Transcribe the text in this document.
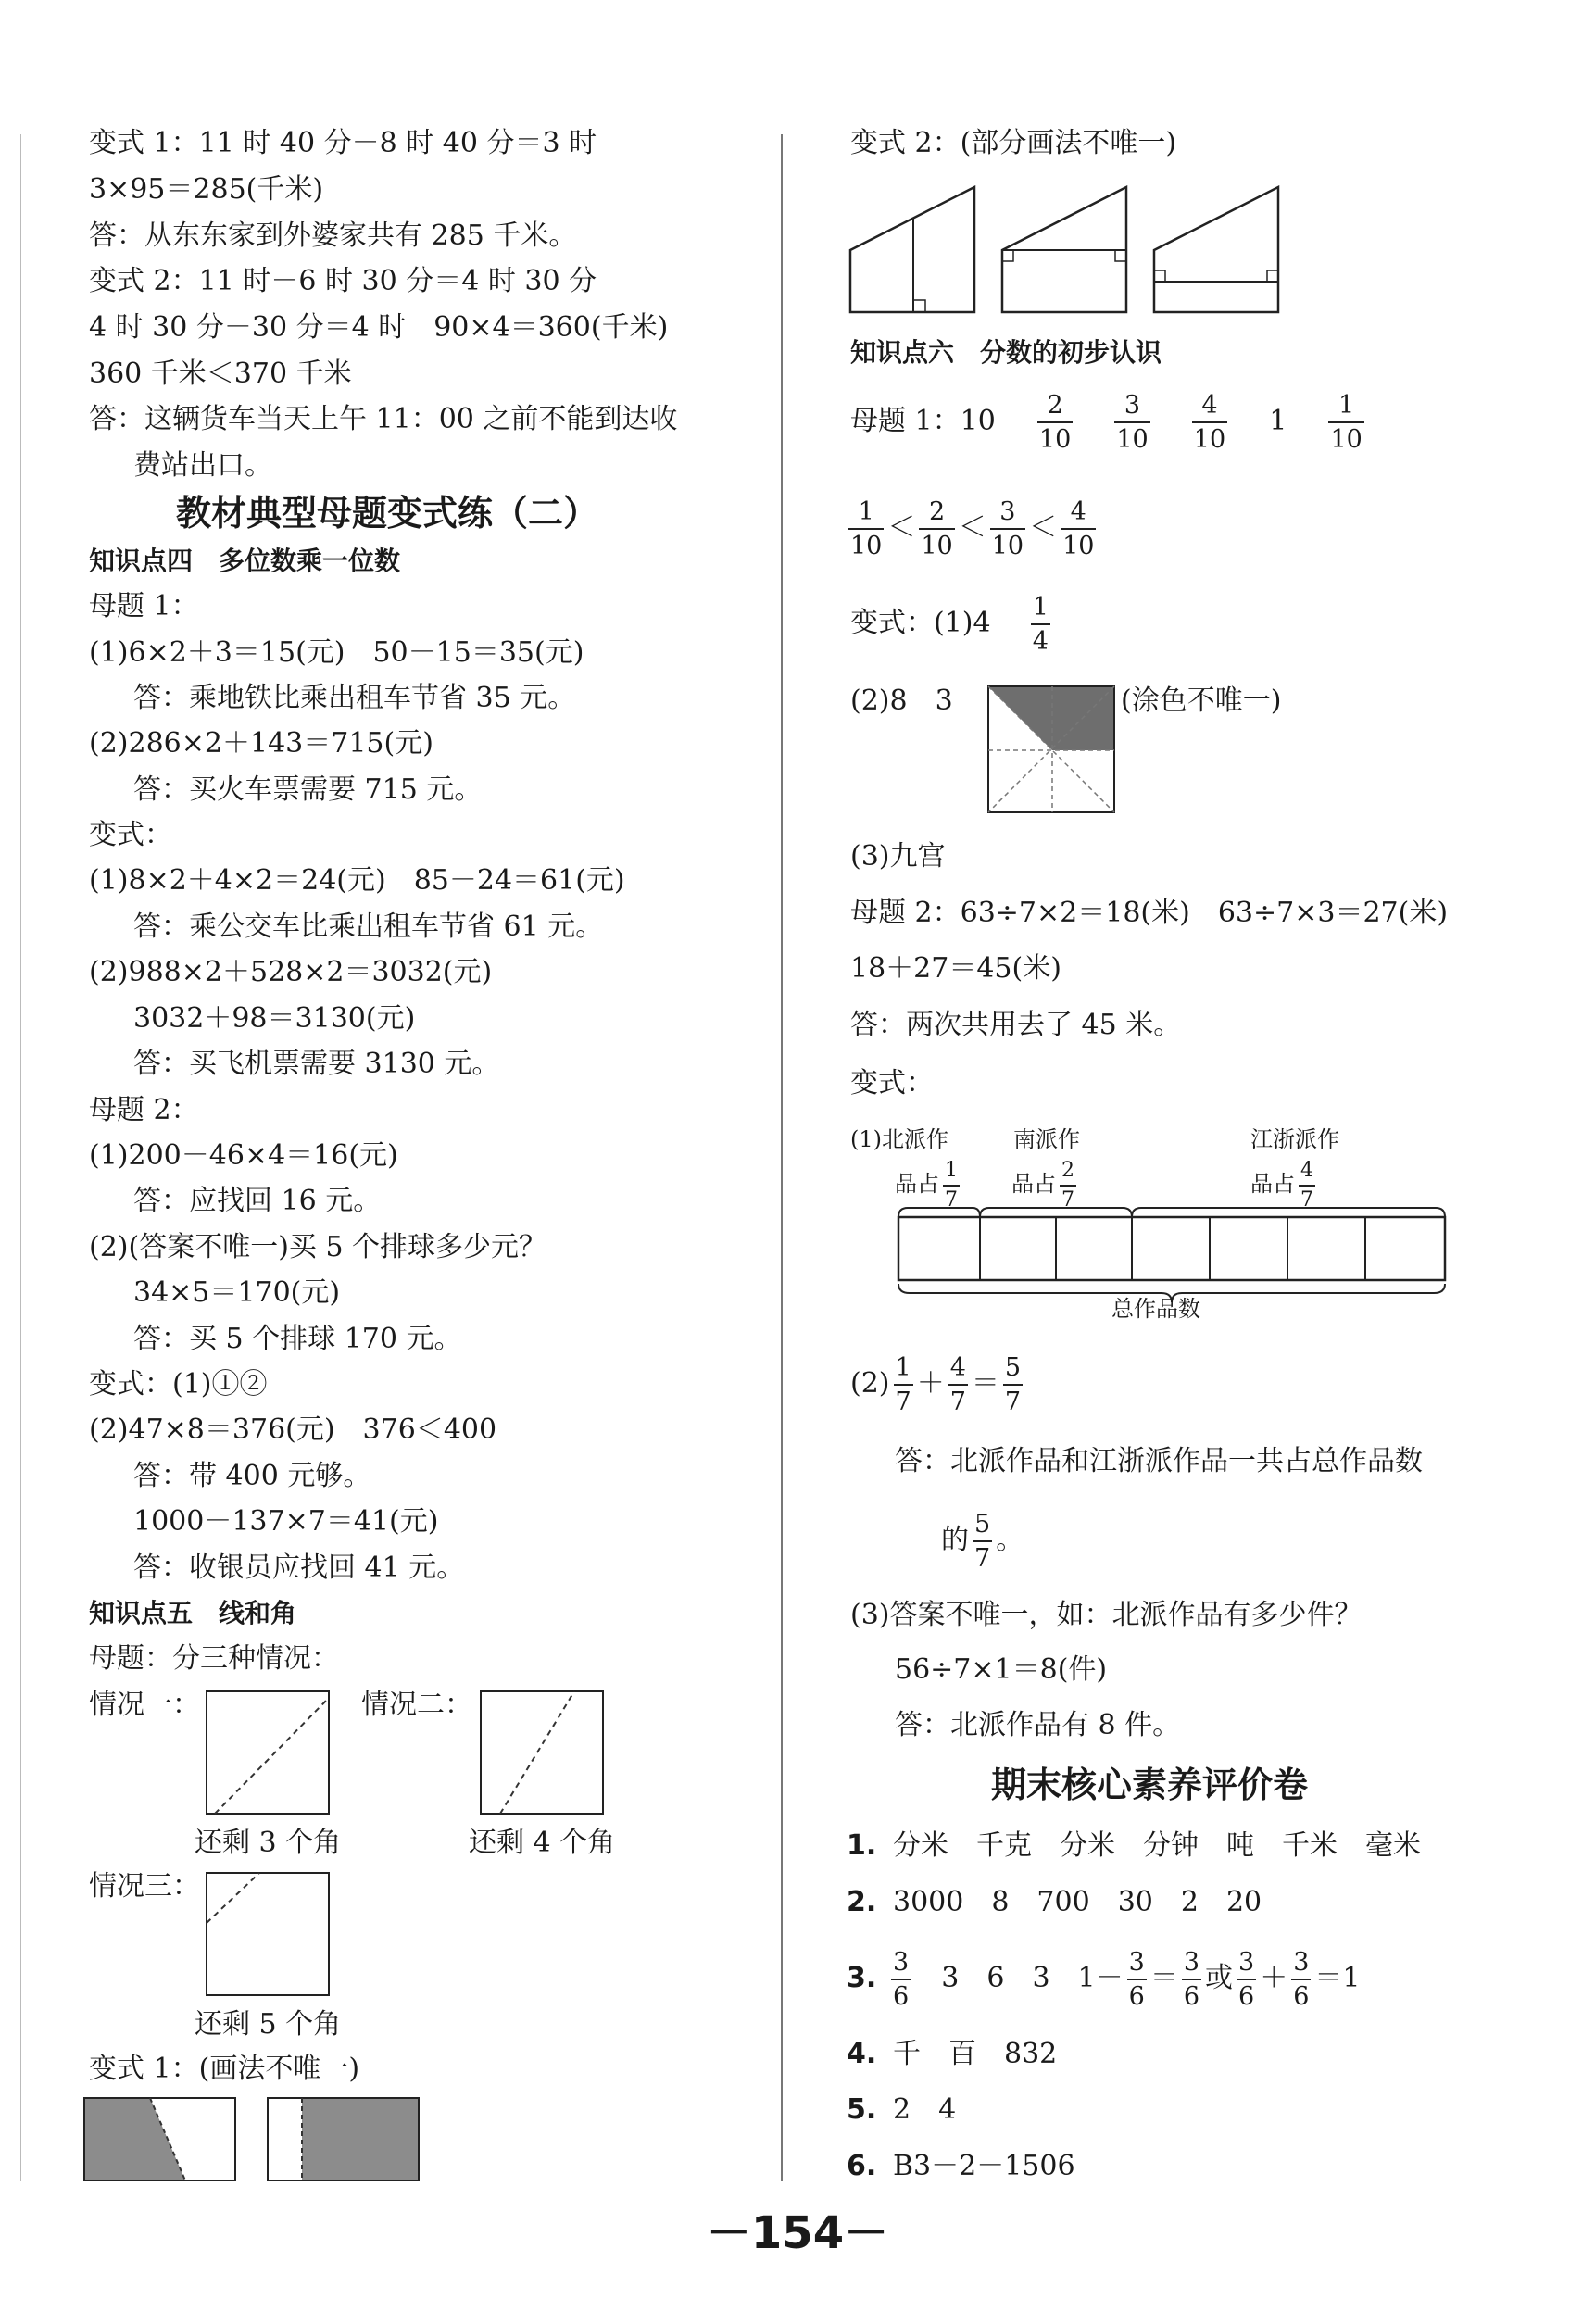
变式 1：11 时 40 分－8 时 40 分＝3 时
3×95＝285(千米)
答：从东东家到外婆家共有 285 千米。
变式 2：11 时－6 时 30 分＝4 时 30 分
4 时 30 分－30 分＝4 时　90×4＝360(千米)
360 千米＜370 千米
答：这辆货车当天上午 11：00 之前不能到达收
费站出口。
教材典型母题变式练（二）
知识点四　多位数乘一位数
母题 1：
(1)6×2＋3＝15(元)　50－15＝35(元)
答：乘地铁比乘出租车节省 35 元。
(2)286×2＋143＝715(元)
答：买火车票需要 715 元。
变式：
(1)8×2＋4×2＝24(元)　85－24＝61(元)
答：乘公交车比乘出租车节省 61 元。
(2)988×2＋528×2＝3032(元)
3032＋98＝3130(元)
答：买飞机票需要 3130 元。
母题 2：
(1)200－46×4＝16(元)
答：应找回 16 元。
(2)(答案不唯一)买 5 个排球多少元？
34×5＝170(元)
答：买 5 个排球 170 元。
变式：(1)①②
(2)47×8＝376(元)　376＜400
答：带 400 元够。
1000－137×7＝41(元)
答：收银员应找回 41 元。
知识点五　线和角
母题：分三种情况：
情况一：
还剩 3 个角
情况二：
还剩 4 个角
情况三：
还剩 5 个角
变式 1：(画法不唯一)
变式 2：(部分画法不唯一)
知识点六　分数的初步认识
母题 1：$10 \frac{2}{10}$
$\frac{3}{10}$
$\frac{4}{10} 1 \frac{1}{10}$
$\frac{1}{10} < \frac{2}{10} < \frac{3}{10} < \frac{4}{10}$
变式：$(1)4 \frac{1}{4}$
(2)8　3	(涂色不唯一)
(3)九宫
母题 2：63÷7×2＝18(米)　63÷7×3＝27(米)
18＋27＝45(米)
答：两次共用去了 45 米。
变式：
(1)北派作
品占 $\frac{1}{7}$
南派作
品占 $\frac{2}{7}$
江浙派作
品占 $\frac{4}{7}$
总作品数
$(2) \frac{1}{7} + \frac{4}{7} = \frac{5}{7}$
答：北派作品和江浙派作品一共占总作品数
的 $\frac{5}{7}$ 。
(3)答案不唯一，如：北派作品有多少件？
56÷7×1＝8(件)
答：北派作品有 8 件。
期末核心素养评价卷
1. 分米　千克　分米　分钟　吨　千米　毫米
2. 3000　8　700　30　2　20
3. $\frac{3}{6} 3$　6　3　$1- \frac{3}{6} = \frac{3}{6}$ 或 $\frac{3}{6} + \frac{3}{6} =1$
4. 千　百　832
5. 2　4
6. B3－2－1506
－154－
